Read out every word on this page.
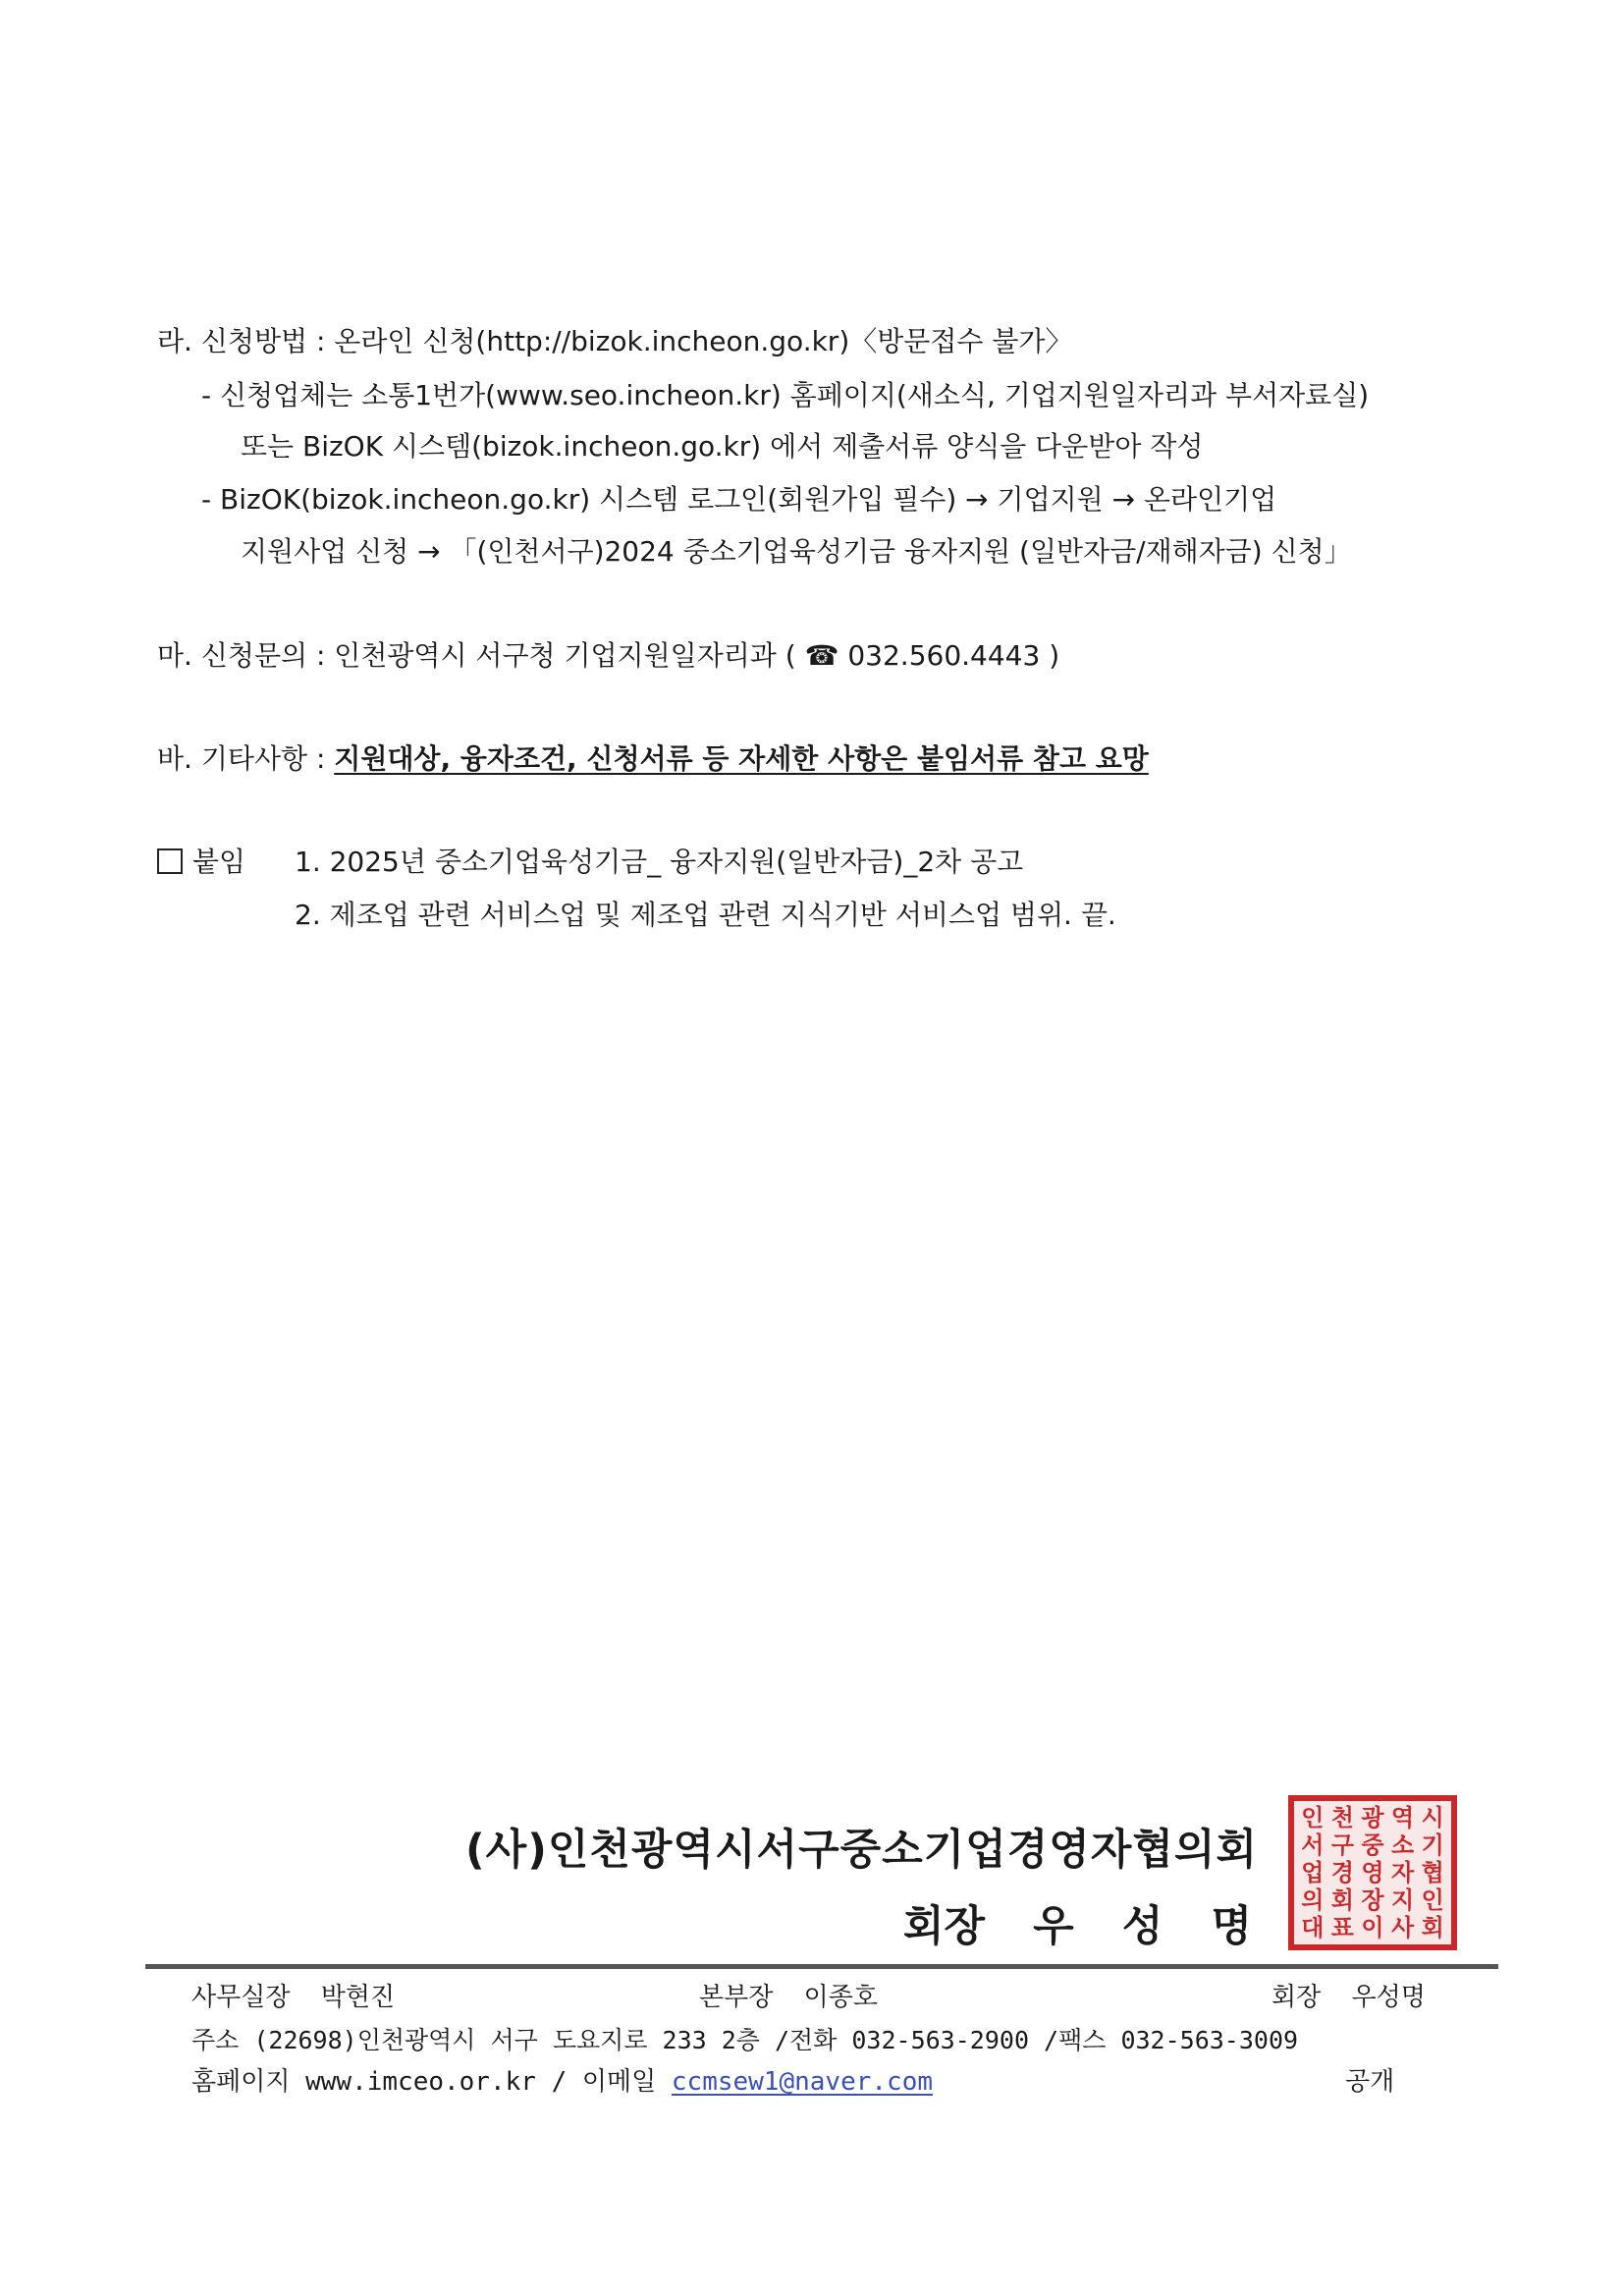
라. 신청방법 : 온라인 신청(http://bizok.incheon.go.kr)〈방문접수 불가〉
- 신청업체는 소통1번가(www.seo.incheon.kr) 홈페이지(새소식, 기업지원일자리과 부서자료실)
또는 BizOK 시스템(bizok.incheon.go.kr) 에서 제출서류 양식을 다운받아 작성
- BizOK(bizok.incheon.go.kr) 시스템 로그인(회원가입 필수) → 기업지원 → 온라인기업
지원사업 신청 → 「(인천서구)2024 중소기업육성기금 융자지원 (일반자금/재해자금) 신청」
마. 신청문의 : 인천광역시 서구청 기업지원일자리과 ( ☎ 032.560.4443 )
바. 기타사항 : 지원대상, 융자조건, 신청서류 등 자세한 사항은 붙임서류 참고 요망
붙임 1. 2025년 중소기업육성기금_ 융자지원(일반자금)_2차 공고
2. 제조업 관련 서비스업 및 제조업 관련 지식기반 서비스업 범위. 끝.
(사)인천광역시서구중소기업경영자협의회
회장 우 성 명
인 천 광 역 시
서 구 중 소 기
업 경 영 자 협
의 회 장 지 인
대 표 이 사 회
사무실장 박현진	본부장 이종호	회장 우성명
주소 (22698)인천광역시 서구 도요지로 233 2층 /전화 032-563-2900 /팩스 032-563-3009
홈페이지 www.imceo.or.kr / 이메일 ccmsew1@naver.com	공개
